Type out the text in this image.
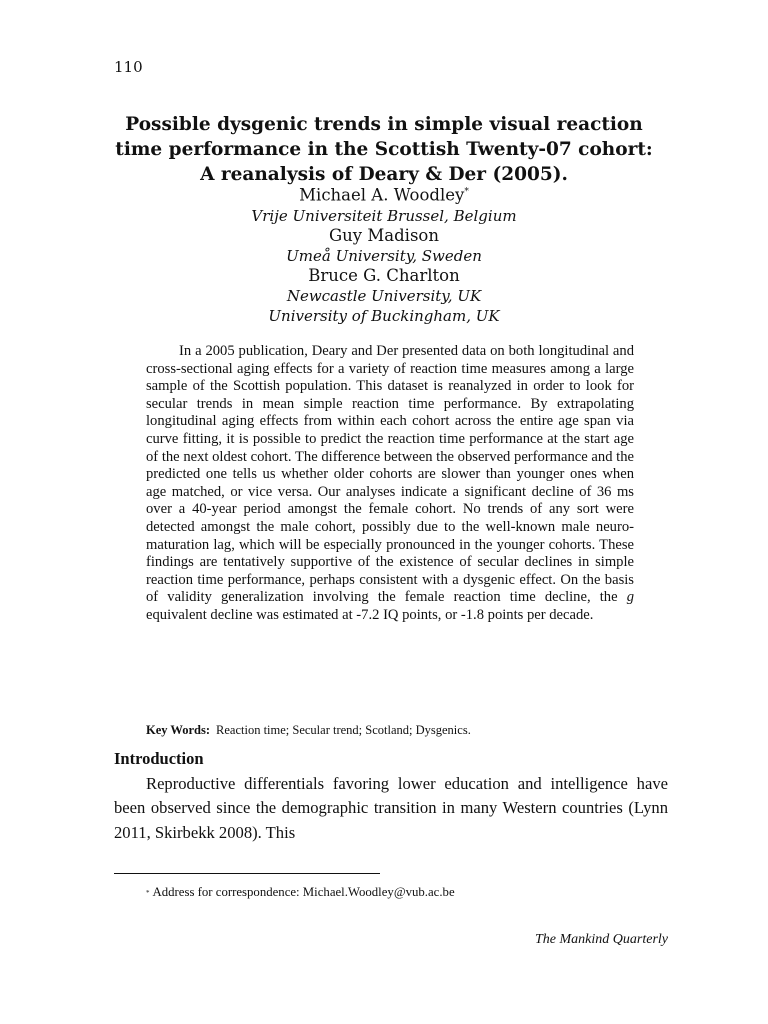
110
Possible dysgenic trends in simple visual reaction
time performance in the Scottish Twenty-07 cohort:
A reanalysis of Deary & Der (2005).
Michael A. Woodley*
Vrije Universiteit Brussel, Belgium
Guy Madison
Umeå University, Sweden
Bruce G. Charlton
Newcastle University, UK
University of Buckingham, UK

In a 2005 publication, Deary and Der presented data on both longitudinal and cross-sectional aging effects for a variety of reaction time measures among a large sample of the Scottish population. This dataset is reanalyzed in order to look for secular trends in mean simple reaction time performance. By extrapolating longitudinal aging effects from within each cohort across the entire age span via curve fitting, it is possible to predict the reaction time performance at the start age of the next oldest cohort. The difference between the observed performance and the predicted one tells us whether older cohorts are slower than younger ones when age matched, or vice versa. Our analyses indicate a significant decline of 36 ms over a 40-year period amongst the female cohort. No trends of any sort were detected amongst the male cohort, possibly due to the well-known male neuro-maturation lag, which will be especially pronounced in the younger cohorts. These findings are tentatively supportive of the existence of secular declines in simple reaction time performance, perhaps consistent with a dysgenic effect. On the basis of validity generalization involving the female reaction time decline, the g equivalent decline was estimated at -7.2 IQ points, or -1.8 points per decade.

Key Words: Reaction time; Secular trend; Scotland; Dysgenics.
Introduction

Reproductive differentials favoring lower education and intelligence have been observed since the demographic transition in many Western countries (Lynn 2011, Skirbekk 2008). This

* Address for correspondence: Michael.Woodley@vub.ac.be
The Mankind Quarterly
